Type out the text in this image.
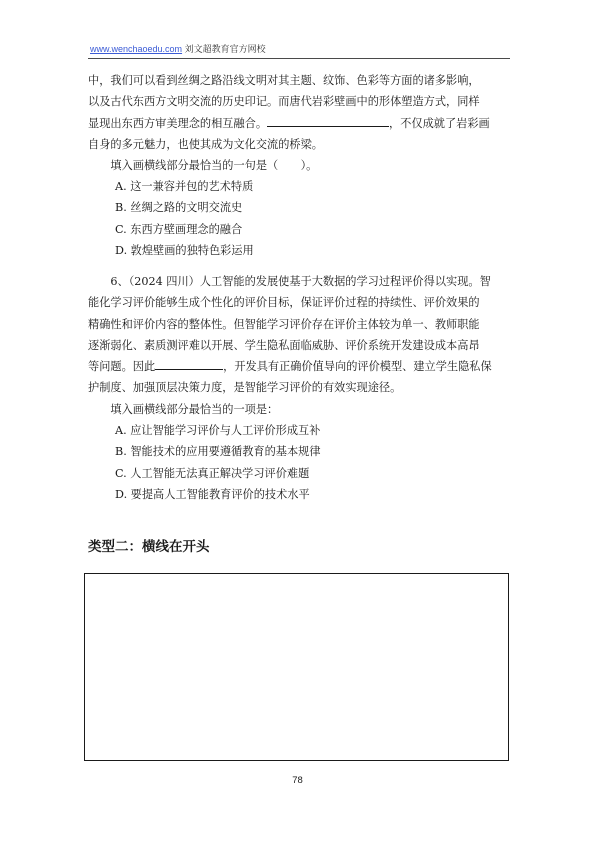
www.wenchaoedu.com 刘文超教育官方网校

中，我们可以看到丝绸之路沿线文明对其主题、纹饰、色彩等方面的诸多影响，

以及古代东西方文明交流的历史印记。而唐代岩彩壁画中的形体塑造方式，同样

显现出东西方审美理念的相互融合。	，不仅成就了岩彩画

自身的多元魅力，也使其成为文化交流的桥梁。

填入画横线部分最恰当的一句是（　　）。

A. 这一兼容并包的艺术特质
B. 丝绸之路的文明交流史
C. 东西方壁画理念的融合
D. 敦煌壁画的独特色彩运用

6、（2024 四川）人工智能的发展使基于大数据的学习过程评价得以实现。智

能化学习评价能够生成个性化的评价目标，保证评价过程的持续性、评价效果的

精确性和评价内容的整体性。但智能学习评价存在评价主体较为单一、教师职能

逐渐弱化、素质测评难以开展、学生隐私面临威胁、评价系统开发建设成本高昂

等问题。因此	，开发具有正确价值导向的评价模型、建立学生隐私保

护制度、加强顶层决策力度，是智能学习评价的有效实现途径。

填入画横线部分最恰当的一项是：

A. 应让智能学习评价与人工评价形成互补
B. 智能技术的应用要遵循教育的基本规律
C. 人工智能无法真正解决学习评价难题
D. 要提高人工智能教育评价的技术水平
类型二：横线在开头
78
